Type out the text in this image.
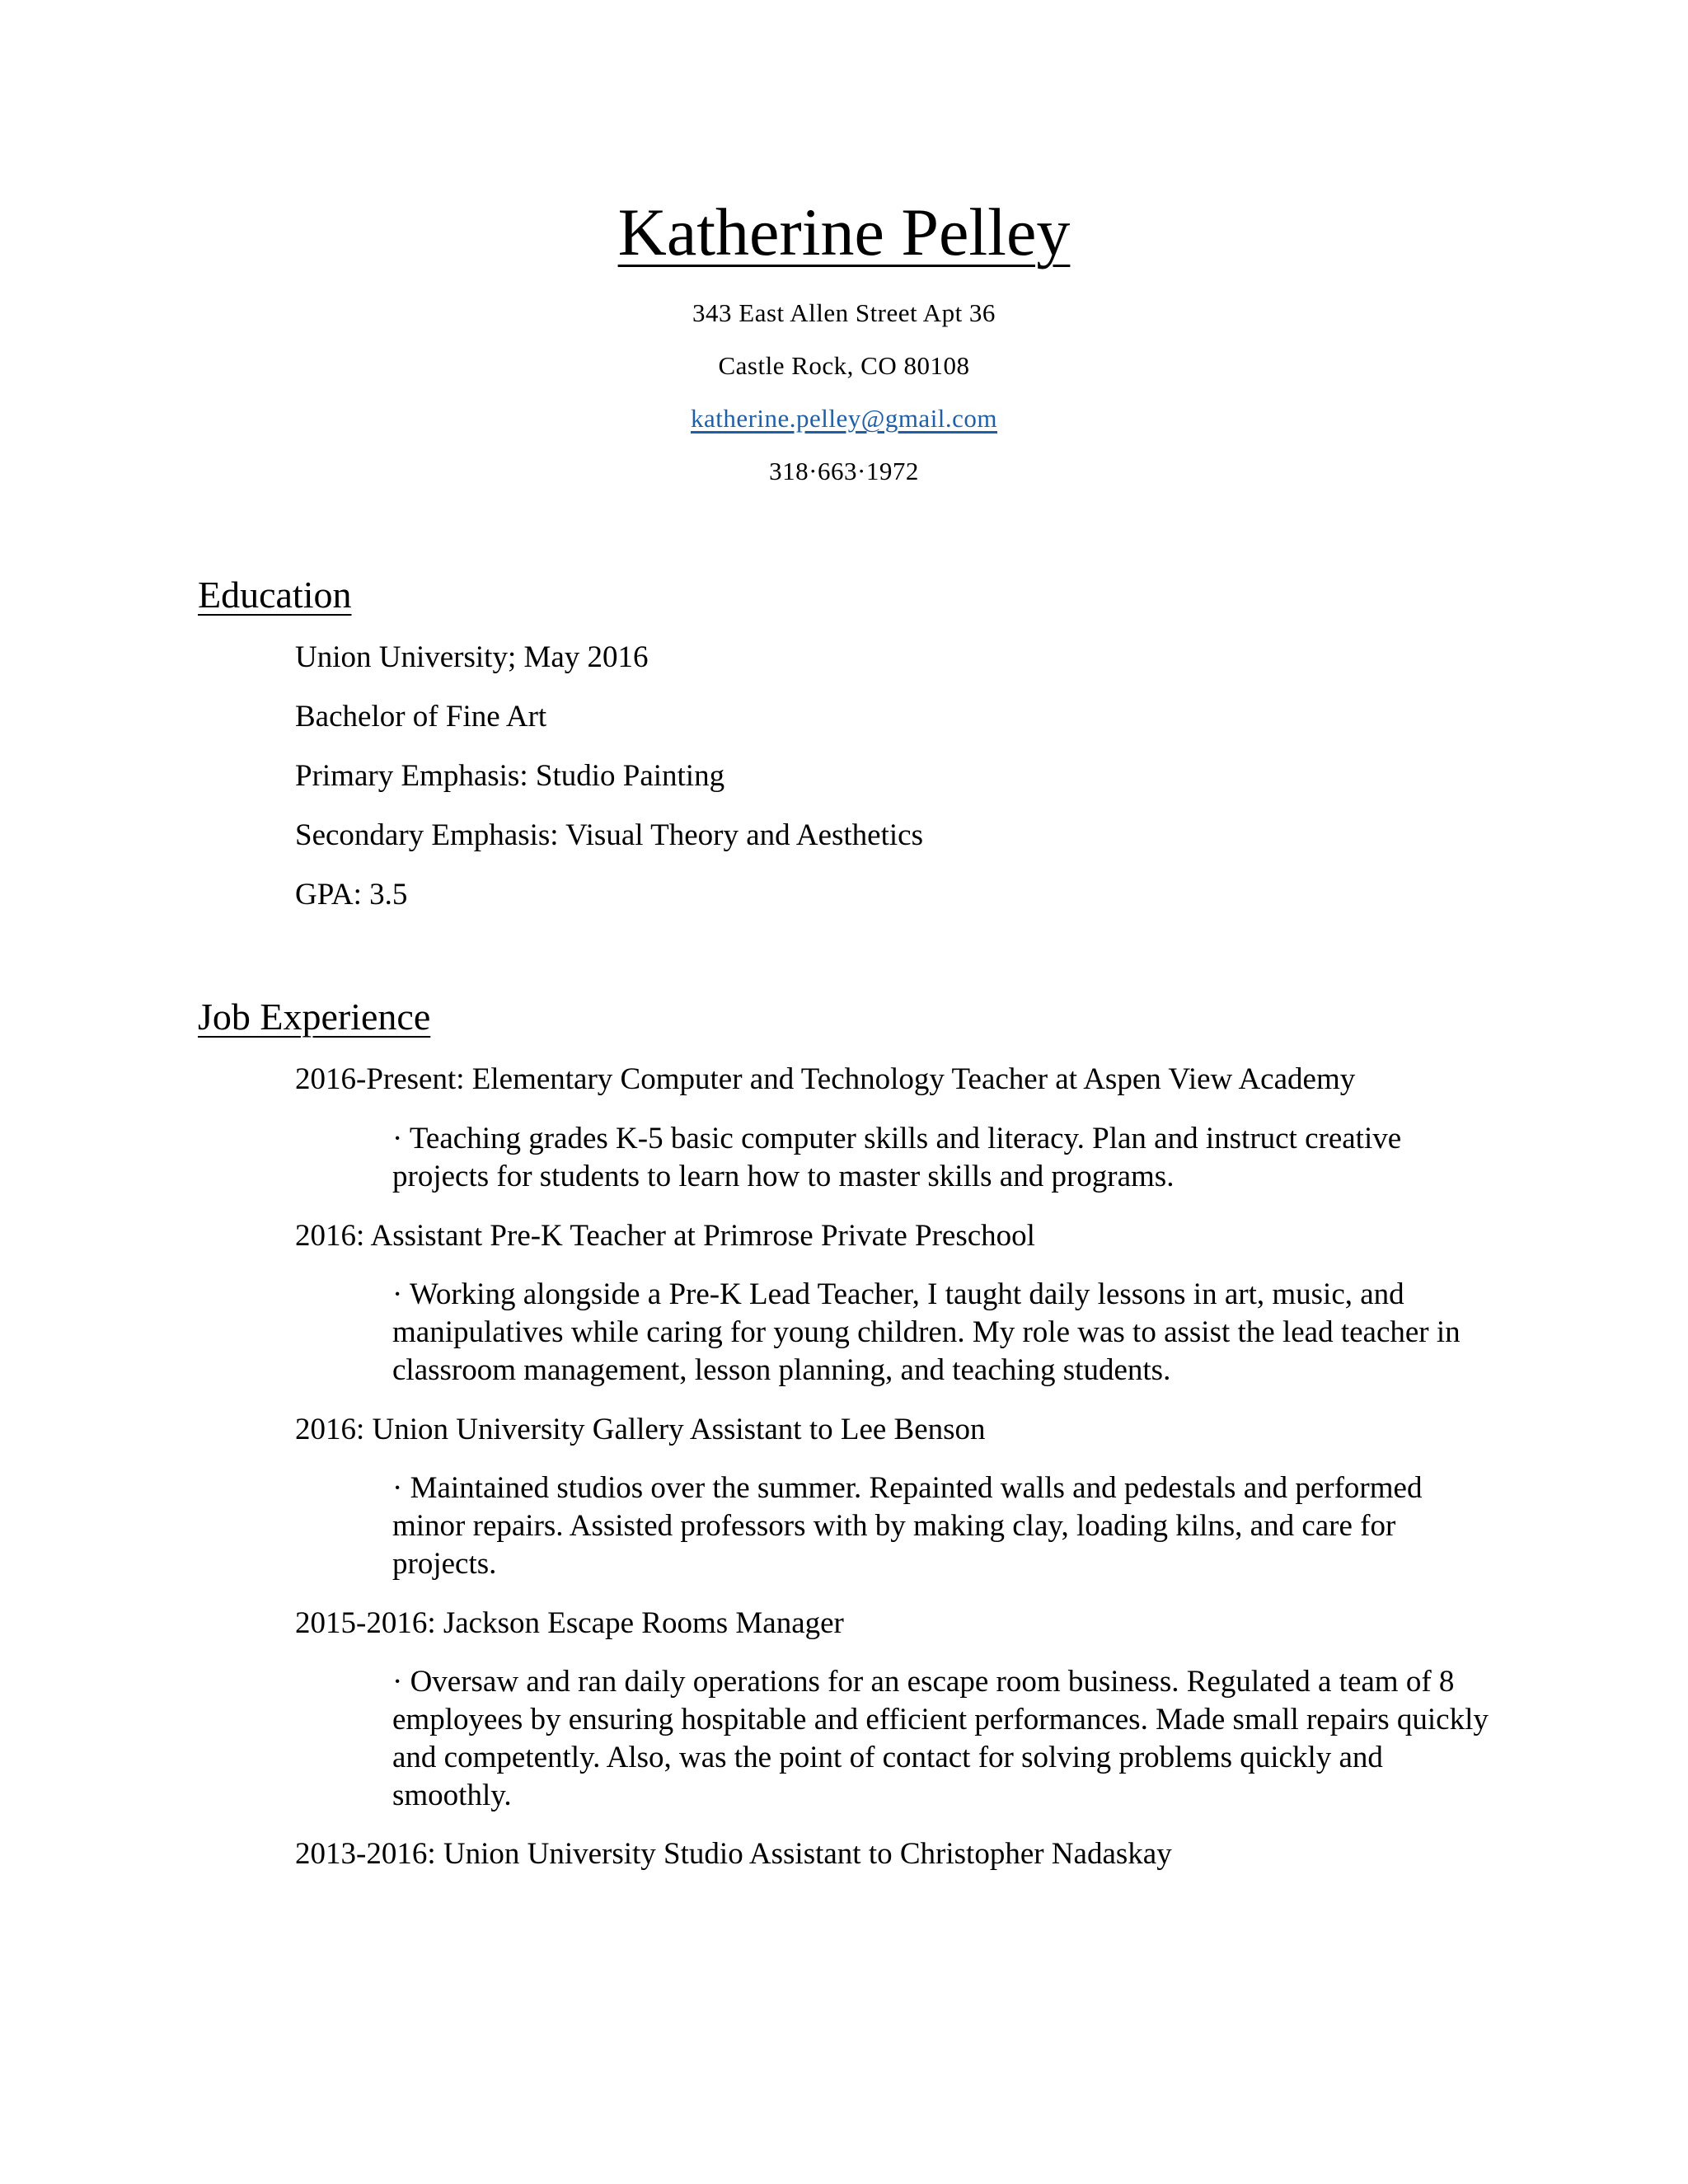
Katherine Pelley
343 East Allen Street Apt 36
Castle Rock, CO 80108
katherine.pelley@gmail.com
318·663·1972
Education
Union University; May 2016
Bachelor of Fine Art
Primary Emphasis: Studio Painting
Secondary Emphasis: Visual Theory and Aesthetics
GPA: 3.5
Job Experience
2016-Present: Elementary Computer and Technology Teacher at Aspen View Academy
· Teaching grades K-5 basic computer skills and literacy. Plan and instruct creative projects for students to learn how to master skills and programs.
2016: Assistant Pre-K Teacher at Primrose Private Preschool
· Working alongside a Pre-K Lead Teacher, I taught daily lessons in art, music, and manipulatives while caring for young children. My role was to assist the lead teacher in classroom management, lesson planning, and teaching students.
2016: Union University Gallery Assistant to Lee Benson
· Maintained studios over the summer. Repainted walls and pedestals and performed minor repairs. Assisted professors with by making clay, loading kilns, and care for projects.
2015-2016: Jackson Escape Rooms Manager
· Oversaw and ran daily operations for an escape room business. Regulated a team of 8 employees by ensuring hospitable and efficient performances. Made small repairs quickly and competently. Also, was the point of contact for solving problems quickly and smoothly.
2013-2016: Union University Studio Assistant to Christopher Nadaskay
